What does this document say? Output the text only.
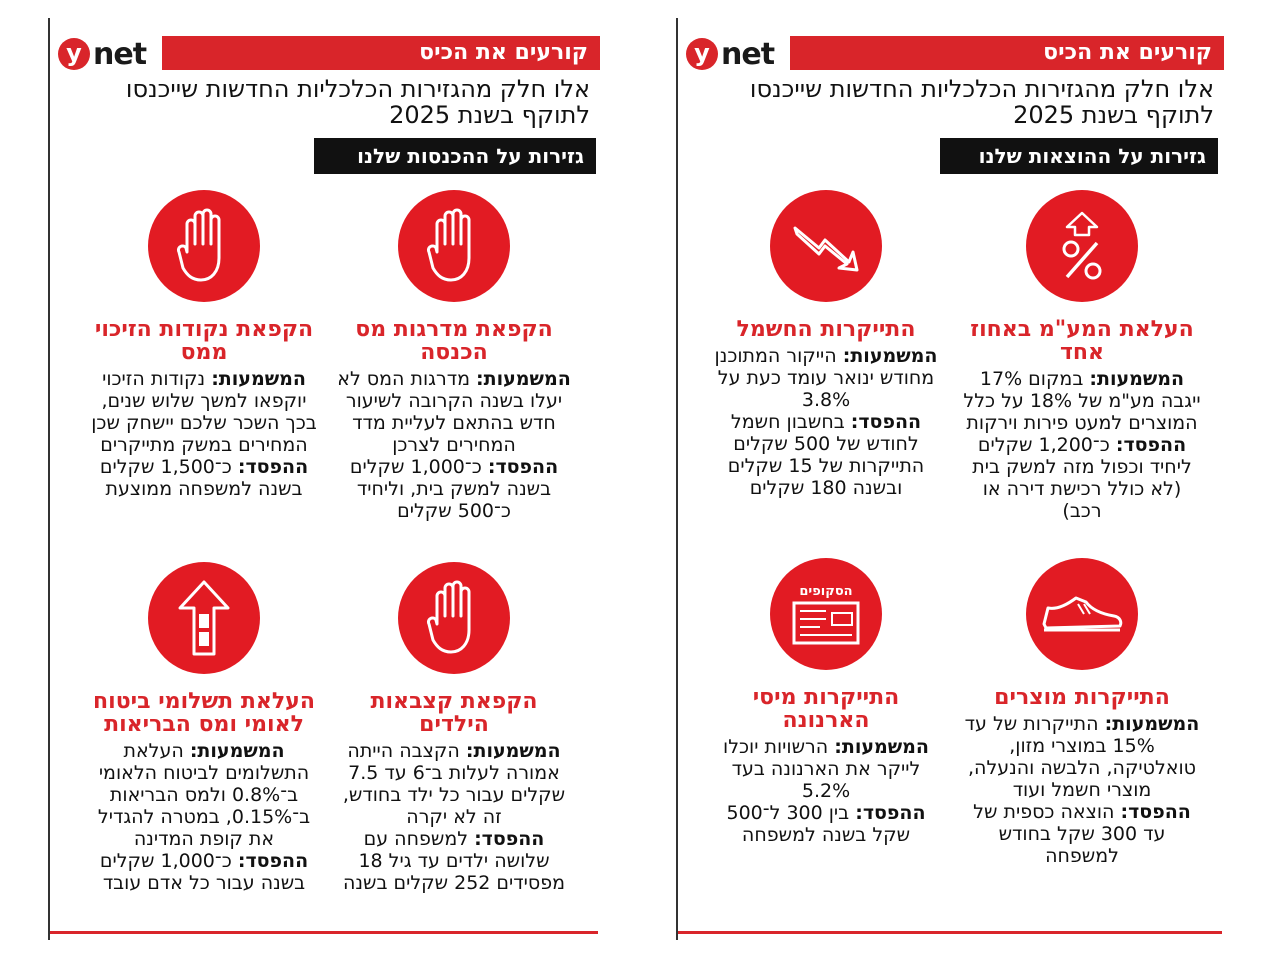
y net	קורעים את הכיס
אלו חלק מהגזירות הכלכליות החדשות שייכנסו לתוקף בשנת 2025
גזירות על ההכנסות שלנו
הקפאת מדרגות מס הכנסה
המשמעות: מדרגות המס לא יעלו בשנה הקרובה לשיעור חדש בהתאם לעליית מדד המחירים לצרכן
ההפסד: כ־1,000 שקלים בשנה למשק בית, וליחיד כ־500 שקלים
הקפאת נקודות הזיכוי ממס
המשמעות: נקודות הזיכוי יוקפאו למשך שלוש שנים, בכך השכר שלכם יישחק שכן המחירים במשק מתייקרים
ההפסד: כ־1,500 שקלים בשנה למשפחה ממוצעת
הקפאת קצבאות הילדים
המשמעות: הקצבה הייתה אמורה לעלות ב־6 עד 7.5 שקלים עבור כל ילד בחודש, זה לא יקרה
ההפסד: למשפחה עם שלושה ילדים עד גיל 18 מפסידים 252 שקלים בשנה
העלאת תשלומי ביטוח לאומי ומס הבריאות
המשמעות: העלאת התשלומים לביטוח הלאומי ב־0.8% ולמס הבריאות ב־0.15%, במטרה להגדיל את קופת המדינה
ההפסד: כ־1,000 שקלים בשנה עבור כל אדם עובד
y net	קורעים את הכיס
אלו חלק מהגזירות הכלכליות החדשות שייכנסו לתוקף בשנת 2025
גזירות על ההוצאות שלנו
העלאת המע"מ באחוז אחד
המשמעות: במקום 17% ייגבה מע"מ של 18% על כלל המוצרים למעט פירות וירקות
ההפסד: כ־1,200 שקלים ליחיד וכפול מזה למשק בית (לא כולל רכישת דירה או רכב)
התייקרות החשמל
המשמעות: הייקור המתוכנן מחודש ינואר עומד כעת על 3.8%
ההפסד: בחשבון חשמל לחודש של 500 שקלים התייקרות של 15 שקלים ובשנה 180 שקלים
התייקרות מוצרים
המשמעות: התייקרות של עד 15% במוצרי מזון, טואלטיקה, הלבשה והנעלה, מוצרי חשמל ועוד
ההפסד: הוצאה כספית של עד 300 שקל בחודש למשפחה
הסקופים
התייקרות מיסי הארנונה
המשמעות: הרשויות יוכלו לייקר את הארנונה בעד 5.2%
ההפסד: בין 300 ל־500 שקל בשנה למשפחה
